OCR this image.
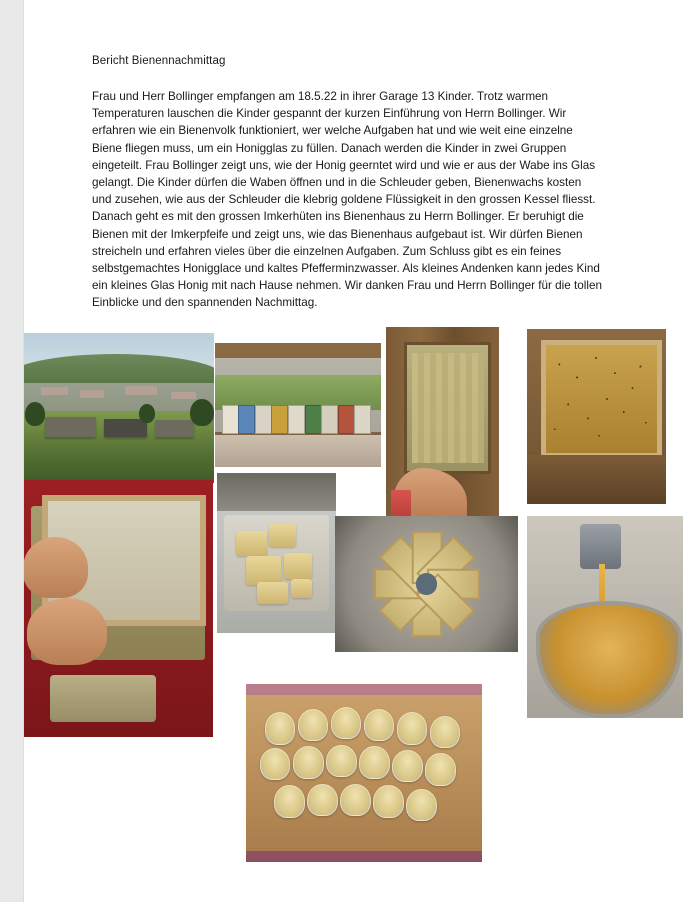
Bericht Bienennachmittag
Frau und Herr Bollinger empfangen am 18.5.22 in ihrer Garage 13 Kinder. Trotz warmen Temperaturen lauschen die Kinder gespannt der kurzen Einführung von Herrn Bollinger. Wir erfahren wie ein Bienenvolk funktioniert, wer welche Aufgaben hat und wie weit eine einzelne Biene fliegen muss, um ein Honigglas zu füllen. Danach werden die Kinder in zwei Gruppen eingeteilt. Frau Bollinger zeigt uns, wie der Honig geerntet wird und wie er aus der Wabe ins Glas gelangt. Die Kinder dürfen die Waben öffnen und in die Schleuder geben, Bienenwachs kosten und zusehen, wie aus der Schleuder die klebrig goldene Flüssigkeit in den grossen Kessel fliesst. Danach geht es mit den grossen Imkerhüten ins Bienenhaus zu Herrn Bollinger. Er beruhigt die Bienen mit der Imkerpfeife und zeigt uns, wie das Bienenhaus aufgebaut ist. Wir dürfen Bienen streicheln und erfahren vieles über die einzelnen Aufgaben. Zum Schluss gibt es ein feines selbstgemachtes Honigglace und kaltes Pfefferminzwasser. Als kleines Andenken kann jedes Kind ein kleines Glas Honig mit nach Hause nehmen. Wir danken Frau und Herrn Bollinger für die tollen Einblicke und den spannenden Nachmittag.
